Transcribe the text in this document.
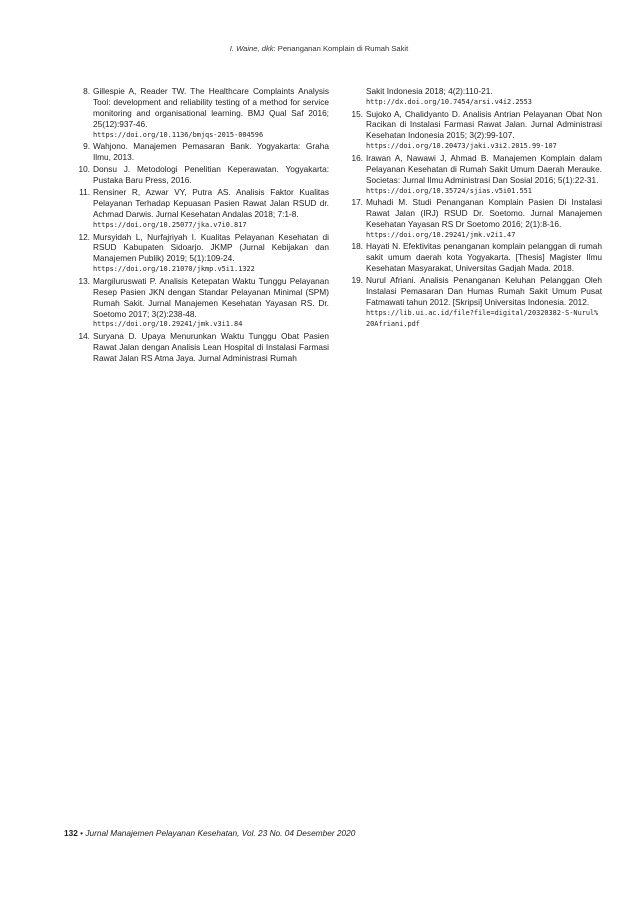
I. Waine, dkk: Penanganan Komplain di Rumah Sakit
8. Gillespie A, Reader TW. The Healthcare Complaints Analysis Tool: development and reliability testing of a method for service monitoring and organisational learning. BMJ Qual Saf 2016; 25(12):937-46.
https://doi.org/10.1136/bmjqs-2015-004596
9. Wahjono. Manajemen Pemasaran Bank. Yogyakarta: Graha Ilmu, 2013.
10. Donsu J. Metodologi Penelitian Keperawatan. Yogyakarta: Pustaka Baru Press, 2016.
11. Rensiner R, Azwar VY, Putra AS. Analisis Faktor Kualitas Pelayanan Terhadap Kepuasan Pasien Rawat Jalan RSUD dr. Achmad Darwis. Jurnal Kesehatan Andalas 2018; 7:1-8.
https://doi.org/10.25077/jka.v7i0.817
12. Mursyidah L, Nurfajriyah I. Kualitas Pelayanan Kesehatan di RSUD Kabupaten Sidoarjo. JKMP (Jurnal Kebijakan dan Manajemen Publik) 2019; 5(1):109-24.
https://doi.org/10.21070/jkmp.v5i1.1322
13. Margiluruswati P. Analisis Ketepatan Waktu Tunggu Pelayanan Resep Pasien JKN dengan Standar Pelayanan Minimal (SPM) Rumah Sakit. Jurnal Manajemen Kesehatan Yayasan RS. Dr. Soetomo 2017; 3(2):238-48.
https://doi.org/10.29241/jmk.v3i1.84
14. Suryana D. Upaya Menurunkan Waktu Tunggu Obat Pasien Rawat Jalan dengan Analisis Lean Hospital di Instalasi Farmasi Rawat Jalan RS Atma Jaya. Jurnal Administrasi Rumah
Sakit Indonesia 2018; 4(2):110-21.
http://dx.doi.org/10.7454/arsi.v4i2.2553
15. Sujoko A, Chalidyanto D. Analisis Antrian Pelayanan Obat Non Racikan di Instalasi Farmasi Rawat Jalan. Jurnal Administrasi Kesehatan Indonesia 2015; 3(2):99-107.
https://doi.org/10.20473/jaki.v3i2.2015.99-107
16. Irawan A, Nawawi J, Ahmad B. Manajemen Komplain dalam Pelayanan Kesehatan di Rumah Sakit Umum Daerah Merauke. Societas: Jurnal Ilmu Administrasi Dan Sosial 2016; 5(1):22-31.
https://doi.org/10.35724/sjias.v5i01.551
17. Muhadi M. Studi Penanganan Komplain Pasien Di Instalasi Rawat Jalan (IRJ) RSUD Dr. Soetomo. Jurnal Manajemen Kesehatan Yayasan RS Dr Soetomo 2016; 2(1):8-16.
https://doi.org/10.29241/jmk.v2i1.47
18. Hayati N. Efektivitas penanganan komplain pelanggan di rumah sakit umum daerah kota Yogyakarta. [Thesis] Magister Ilmu Kesehatan Masyarakat, Universitas Gadjah Mada. 2018.
19. Nurul Afriani. Analisis Penanganan Keluhan Pelanggan Oleh Instalasi Pemasaran Dan Humas Rumah Sakit Umum Pusat Fatmawati tahun 2012. [Skripsi] Universitas Indonesia. 2012.
https://lib.ui.ac.id/file?file=digital/20320382-S-Nurul%20Afriani.pdf
132 • Jurnal Manajemen Pelayanan Kesehatan, Vol. 23 No. 04 Desember 2020
